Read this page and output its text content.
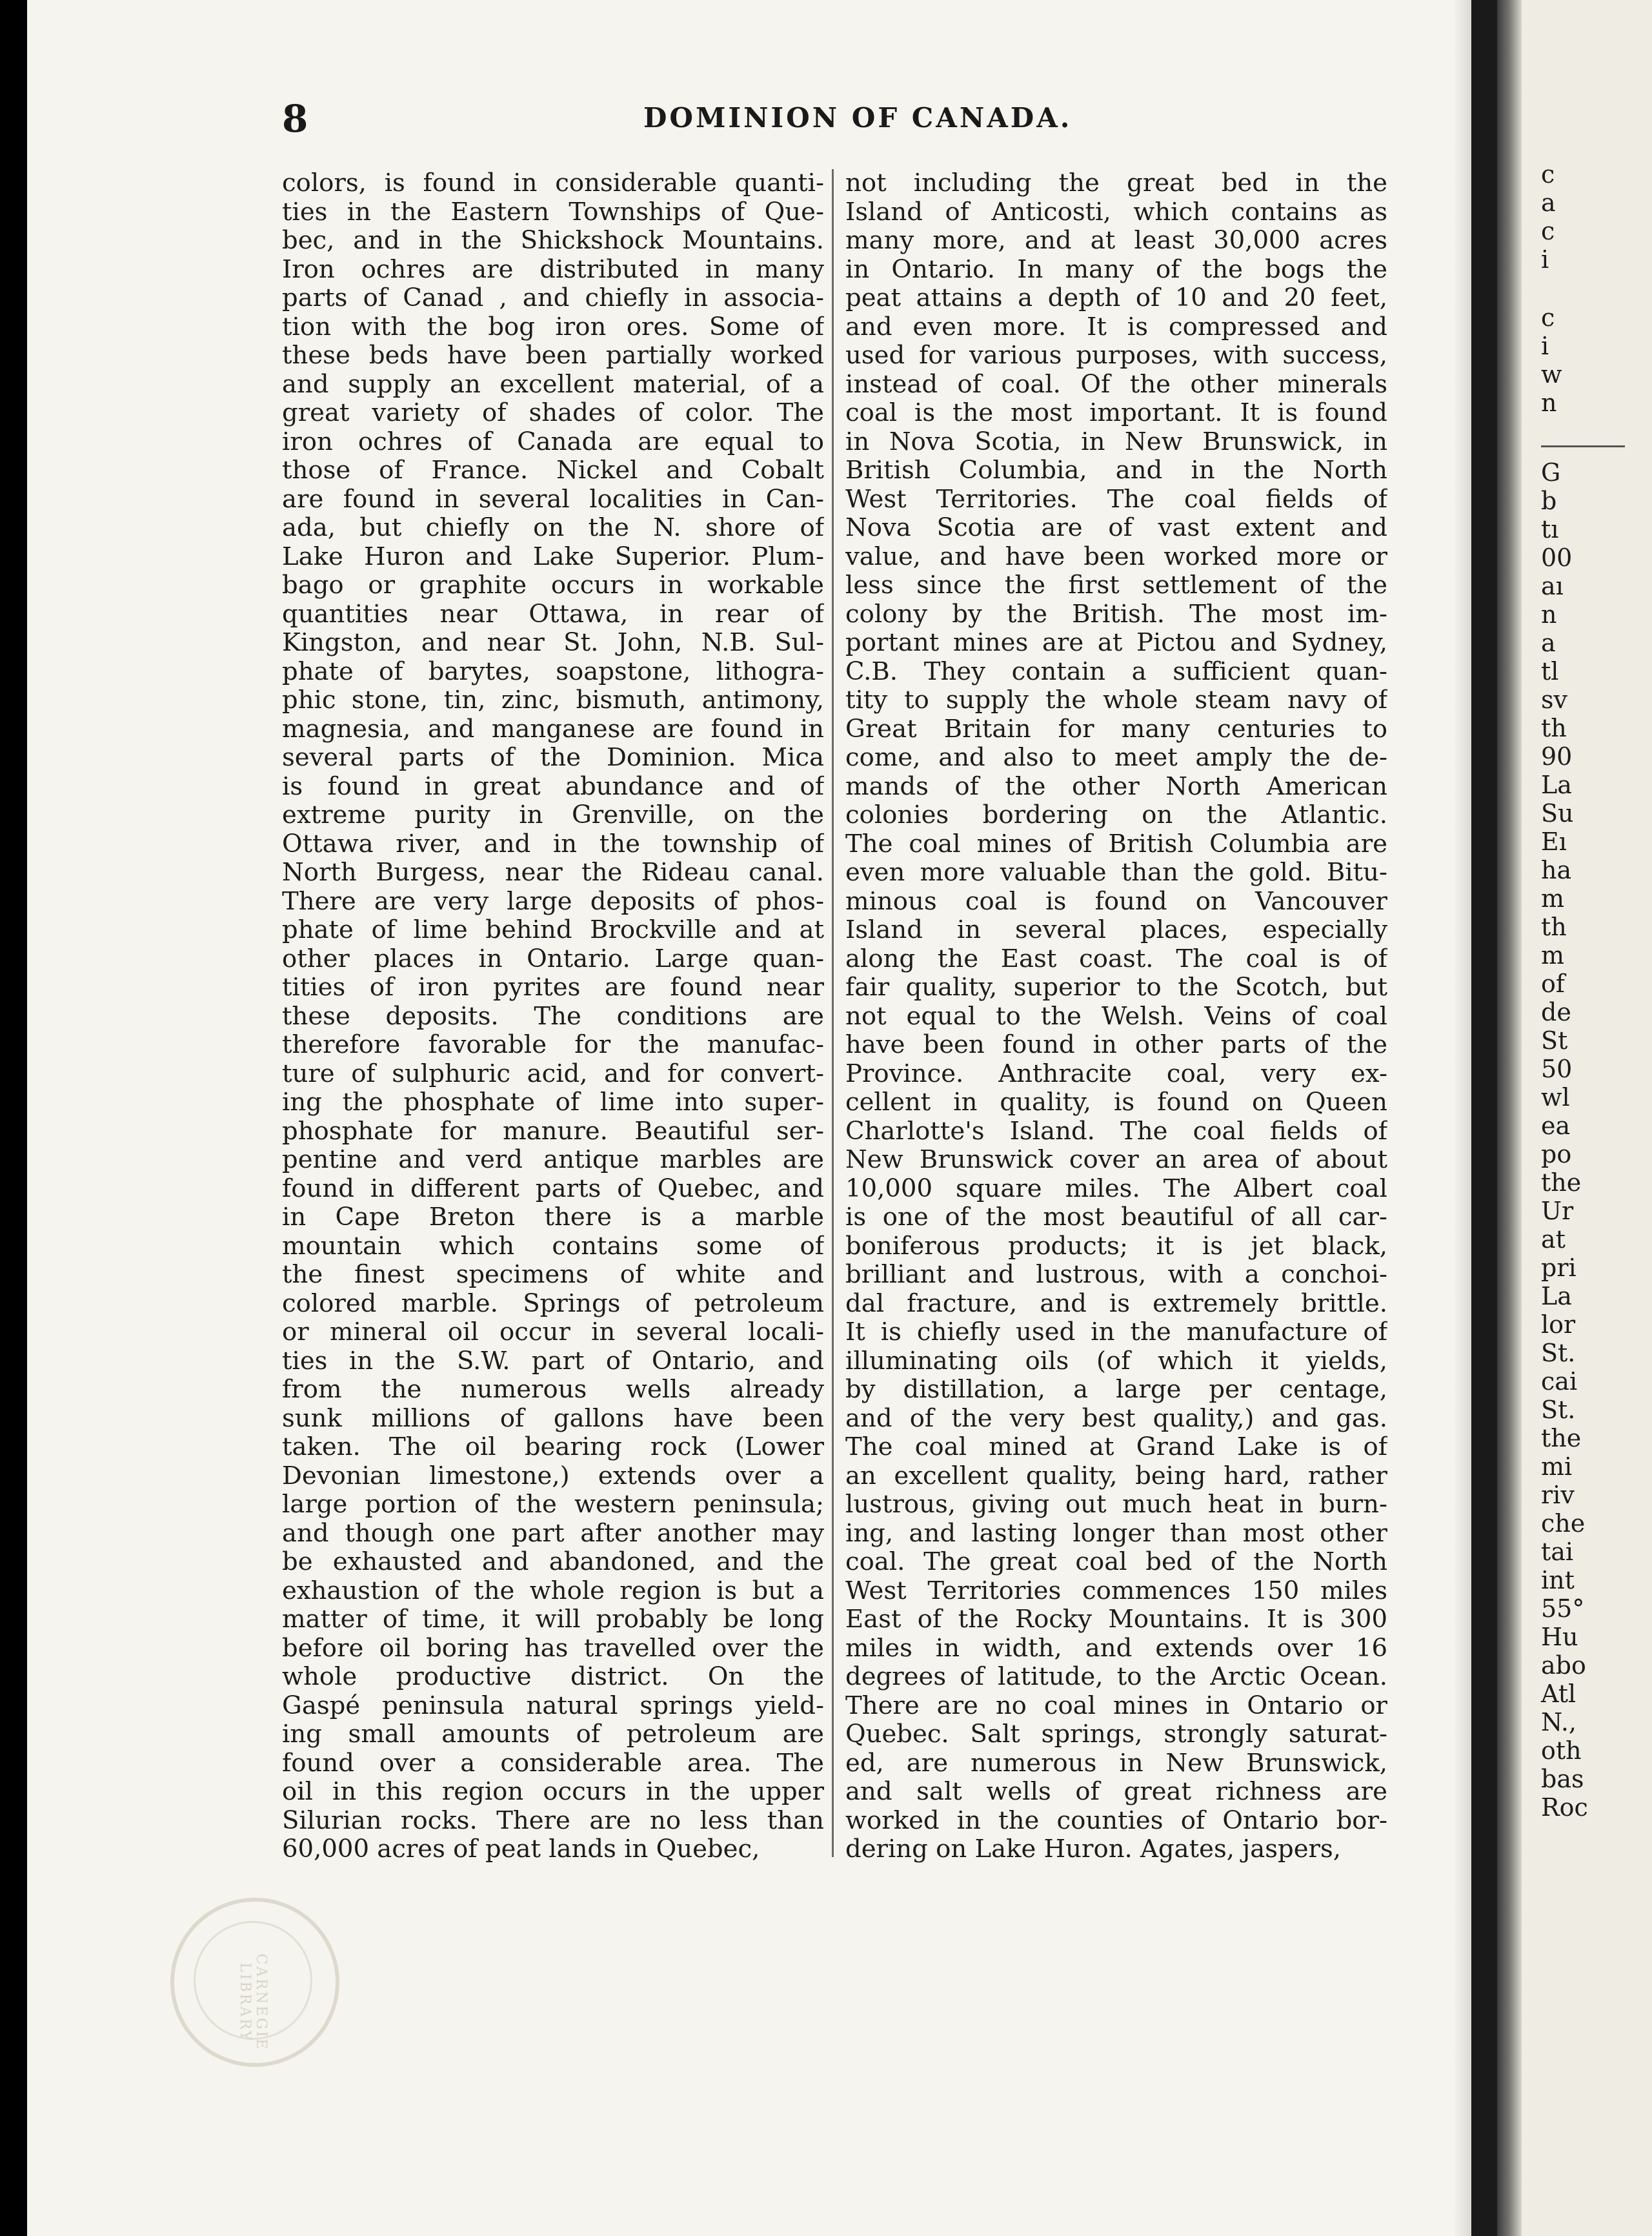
8	DOMINION OF CANADA.
colors, is found in considerable quanti-
ties in the Eastern Townships of Que-
bec, and in the Shickshock Mountains.
Iron ochres are distributed in many
parts of Canad , and chiefly in associa-
tion with the bog iron ores. Some of
these beds have been partially worked
and supply an excellent material, of a
great variety of shades of color. The
iron ochres of Canada are equal to
those of France. Nickel and Cobalt
are found in several localities in Can-
ada, but chiefly on the N. shore of
Lake Huron and Lake Superior. Plum-
bago or graphite occurs in workable
quantities near Ottawa, in rear of
Kingston, and near St. John, N.B. Sul-
phate of barytes, soapstone, lithogra-
phic stone, tin, zinc, bismuth, antimony,
magnesia, and manganese are found in
several parts of the Dominion. Mica
is found in great abundance and of
extreme purity in Grenville, on the
Ottawa river, and in the township of
North Burgess, near the Rideau canal.
There are very large deposits of phos-
phate of lime behind Brockville and at
other places in Ontario. Large quan-
tities of iron pyrites are found near
these deposits. The conditions are
therefore favorable for the manufac-
ture of sulphuric acid, and for convert-
ing the phosphate of lime into super-
phosphate for manure. Beautiful ser-
pentine and verd antique marbles are
found in different parts of Quebec, and
in Cape Breton there is a marble
mountain which contains some of
the finest specimens of white and
colored marble. Springs of petroleum
or mineral oil occur in several locali-
ties in the S.W. part of Ontario, and
from the numerous wells already
sunk millions of gallons have been
taken. The oil bearing rock (Lower
Devonian limestone,) extends over a
large portion of the western peninsula;
and though one part after another may
be exhausted and abandoned, and the
exhaustion of the whole region is but a
matter of time, it will probably be long
before oil boring has travelled over the
whole productive district. On the
Gaspé peninsula natural springs yield-
ing small amounts of petroleum are
found over a considerable area. The
oil in this region occurs in the upper
Silurian rocks. There are no less than
60,000 acres of peat lands in Quebec,
not including the great bed in the
Island of Anticosti, which contains as
many more, and at least 30,000 acres
in Ontario. In many of the bogs the
peat attains a depth of 10 and 20 feet,
and even more. It is compressed and
used for various purposes, with success,
instead of coal. Of the other minerals
coal is the most important. It is found
in Nova Scotia, in New Brunswick, in
British Columbia, and in the North
West Territories. The coal fields of
Nova Scotia are of vast extent and
value, and have been worked more or
less since the first settlement of the
colony by the British. The most im-
portant mines are at Pictou and Sydney,
C.B. They contain a sufficient quan-
tity to supply the whole steam navy of
Great Britain for many centuries to
come, and also to meet amply the de-
mands of the other North American
colonies bordering on the Atlantic.
The coal mines of British Columbia are
even more valuable than the gold. Bitu-
minous coal is found on Vancouver
Island in several places, especially
along the East coast. The coal is of
fair quality, superior to the Scotch, but
not equal to the Welsh. Veins of coal
have been found in other parts of the
Province. Anthracite coal, very ex-
cellent in quality, is found on Queen
Charlotte's Island. The coal fields of
New Brunswick cover an area of about
10,000 square miles. The Albert coal
is one of the most beautiful of all car-
boniferous products; it is jet black,
brilliant and lustrous, with a conchoi-
dal fracture, and is extremely brittle.
It is chiefly used in the manufacture of
illuminating oils (of which it yields,
by distillation, a large per centage,
and of the very best quality,) and gas.
The coal mined at Grand Lake is of
an excellent quality, being hard, rather
lustrous, giving out much heat in burn-
ing, and lasting longer than most other
coal. The great coal bed of the North
West Territories commences 150 miles
East of the Rocky Mountains. It is 300
miles in width, and extends over 16
degrees of latitude, to the Arctic Ocean.
There are no coal mines in Ontario or
Quebec. Salt springs, strongly saturat-
ed, are numerous in New Brunswick,
and salt wells of great richness are
worked in the counties of Ontario bor-
dering on Lake Huron. Agates, jaspers,
CARNEGIE LIBRARY
c
a
c
i
c
i
w
n
G
b
tı
00
aı
n
a
tl
sv
th
90
La
Su
Eı
ha
m
th
m
of
de
St
50
wl
ea
po
the
Ur
at
pri
La
lor
St.
cai
St.
the
mi
riv
che
tai
int
55°
Hu
abo
Atl
N.,
oth
bas
Roc
